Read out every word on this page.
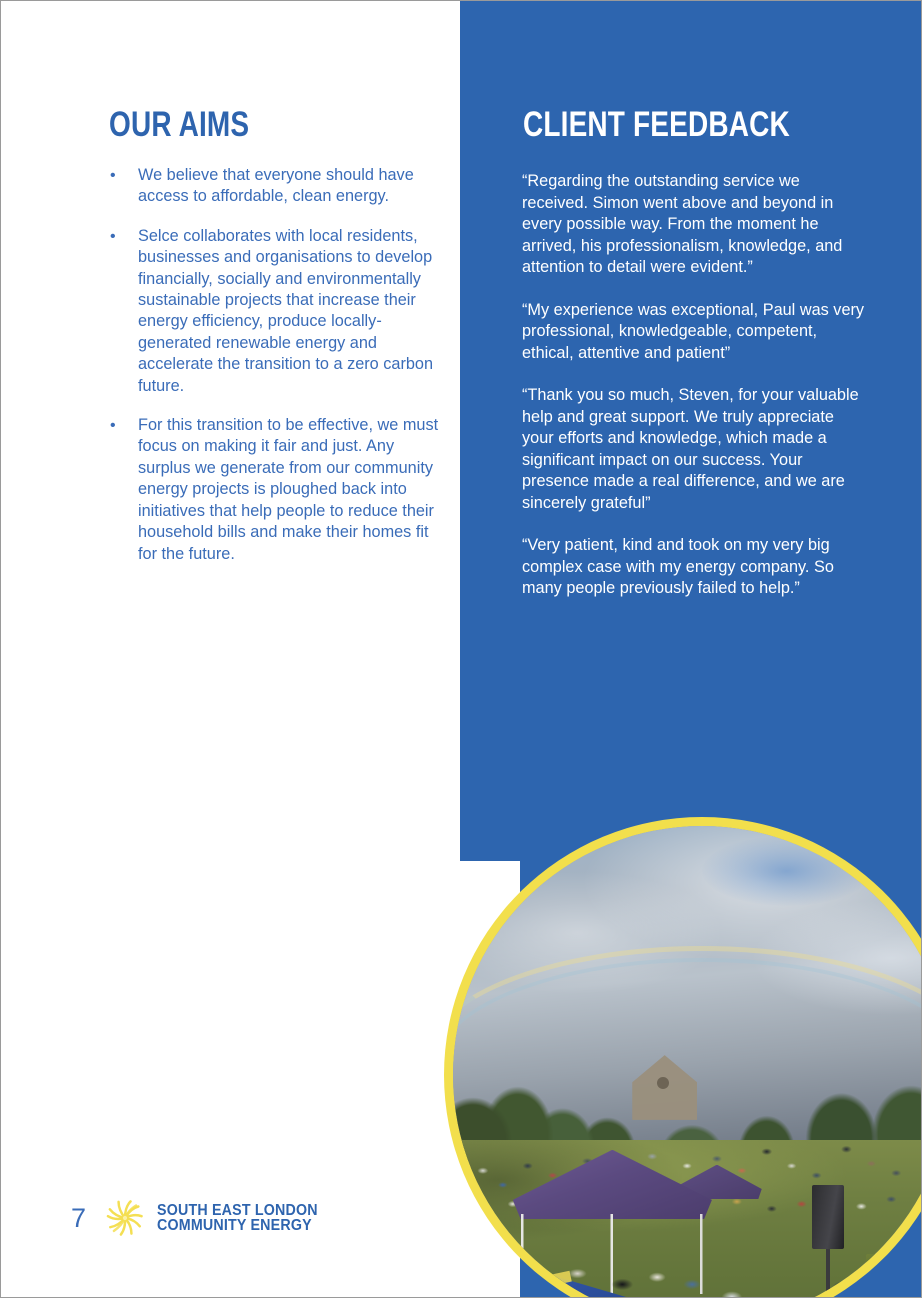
OUR AIMS
• We believe that everyone should have access to affordable, clean energy.
• Selce collaborates with local residents, businesses and organisations to develop financially, socially and environmentally sustainable projects that increase their energy efficiency, produce locally-generated renewable energy and accelerate the transition to a zero carbon future.
• For this transition to be effective, we must focus on making it fair and just. Any surplus we generate from our community energy projects is ploughed back into initiatives that help people to reduce their household bills and make their homes fit for the future.
CLIENT FEEDBACK
“Regarding the outstanding service we received. Simon went above and beyond in every possible way. From the moment he arrived, his professionalism, knowledge, and attention to detail were evident.”
“My experience was exceptional, Paul was very professional, knowledgeable, competent, ethical, attentive and patient”
“Thank you so much, Steven, for your valuable help and great support. We truly appreciate your efforts and knowledge, which made a significant impact on our success. Your presence made a real difference, and we are sincerely grateful”
“Very patient, kind and took on my very big complex case with my energy company. So many people previously failed to help.”
7	SOUTH EAST LONDON
COMMUNITY ENERGY
